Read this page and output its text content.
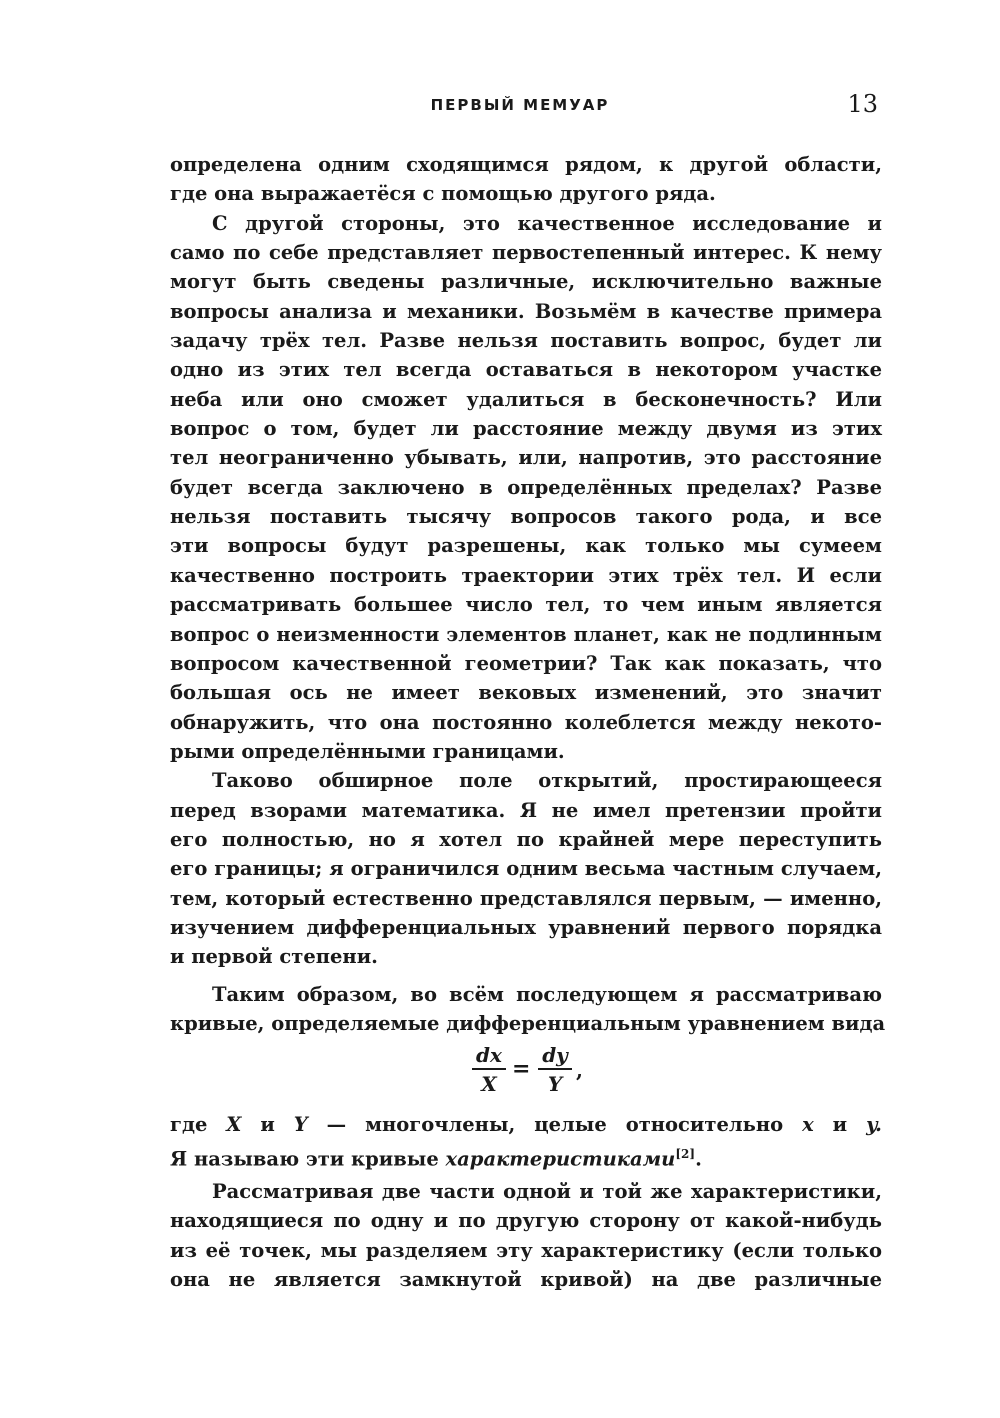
ПЕРВЫЙ МЕМУАР	13
определена одним сходящимся рядом, к другой области,
где она выражаетёся с помощью другого ряда.
С другой стороны, это качественное исследование и
само по себе представляет первостепенный интерес. К нему
могут быть сведены различные, исключительно важные
вопросы анализа и механики. Возьмём в качестве примера
задачу трёх тел. Разве нельзя поставить вопрос, будет ли
одно из этих тел всегда оставаться в некотором участке
неба или оно сможет удалиться в бесконечность? Или
вопрос о том, будет ли расстояние между двумя из этих
тел неограниченно убывать, или, напротив, это расстояние
будет всегда заключено в определённых пределах? Разве
нельзя поставить тысячу вопросов такого рода, и все
эти вопросы будут разрешены, как только мы сумеем
качественно построить траектории этих трёх тел. И если
рассматривать большее число тел, то чем иным является
вопрос о неизменности элементов планет, как не подлинным
вопросом качественной геометрии? Так как показать, что
большая ось не имеет вековых изменений, это значит
обнаружить, что она постоянно колеблется между некото-
рыми определёнными границами.
Таково обширное поле открытий, простирающееся
перед взорами математика. Я не имел претензии пройти
его полностью, но я хотел по крайней мере переступить
его границы; я ограничился одним весьма частным случаем,
тем, который естественно представлялся первым, — именно,
изучением дифференциальных уравнений первого порядка
и первой степени.
Таким образом, во всём последующем я рассматриваю
кривые, определяемые дифференциальным уравнением вида
$\frac{dx}{X} = \frac{dy}{Y}$ ,
где X и Y — многочлены, целые относительно x и y.
Я называю эти кривые характеристиками[2].
Рассматривая две части одной и той же характеристики,
находящиеся по одну и по другую сторону от какой-нибудь
из её точек, мы разделяем эту характеристику (если только
она не является замкнутой кривой) на две различные
